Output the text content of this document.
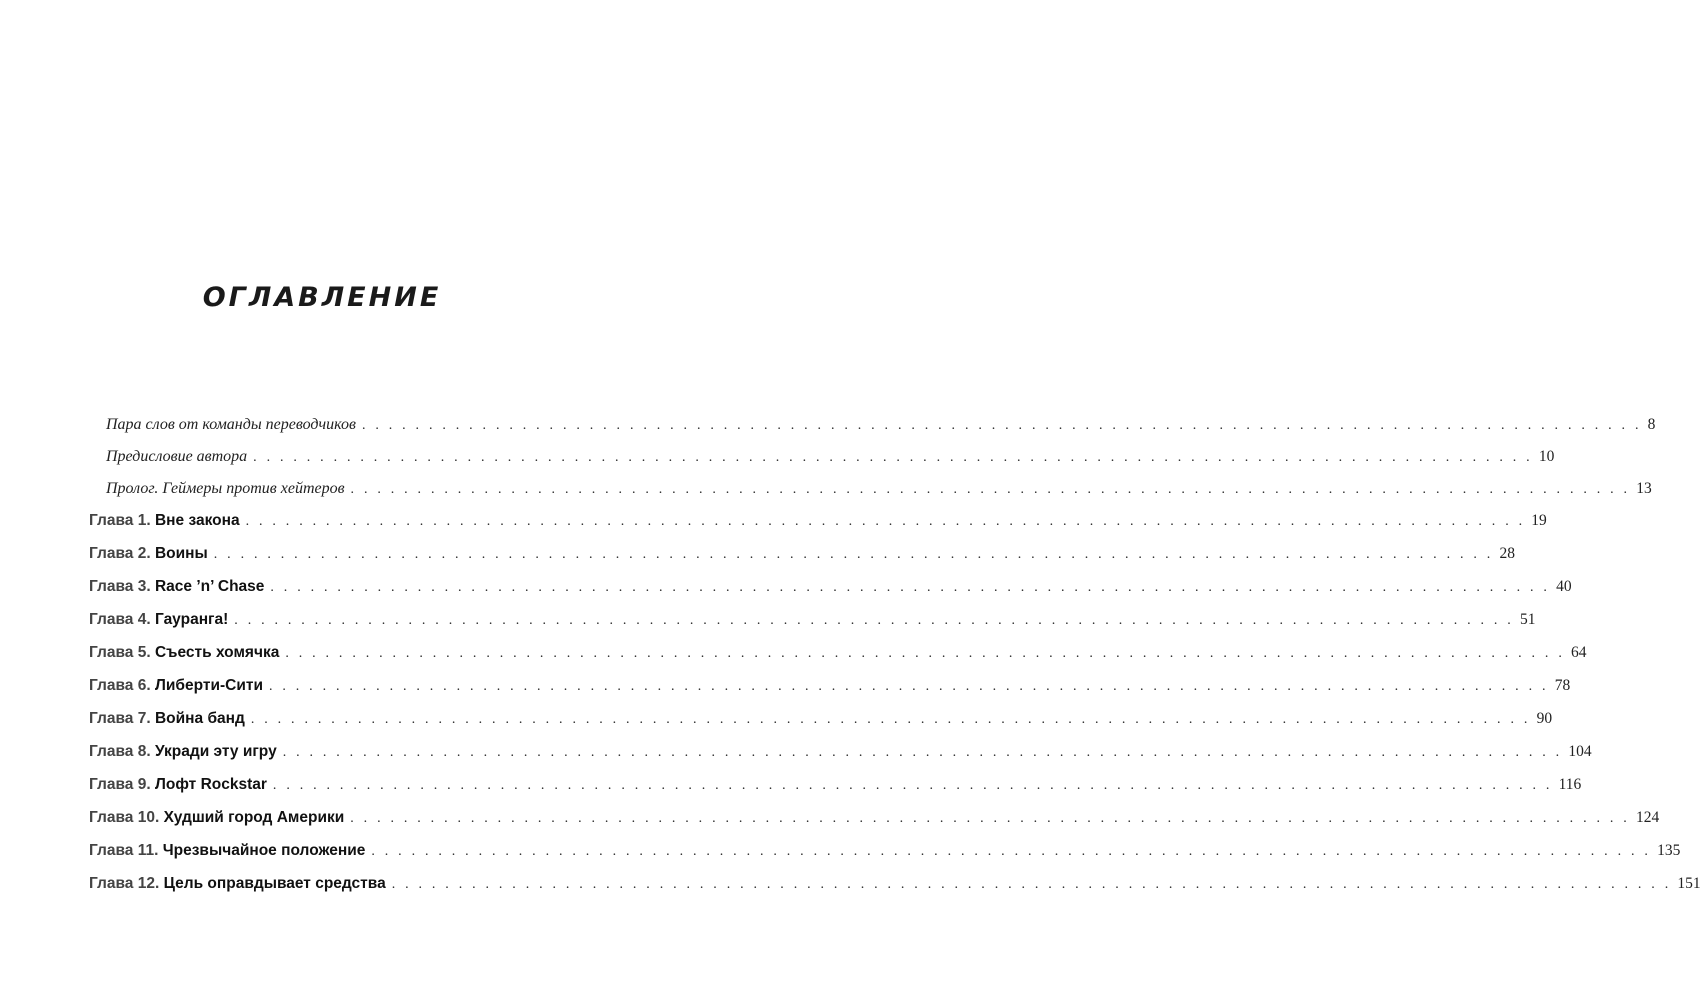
ОГЛАВЛЕНИЕ
Пара слов от команды переводчиков . . . . . . . . . . . . . . . . . . . . . . . . . . . . . . . . . . . . . . . . . . . . . . . . . . . . . . . . . . . . . . . . . . . . . . . . . . . . . . . . . . . . . . . . . . . . . . . . 8
Предисловие автора . . . . . . . . . . . . . . . . . . . . . . . . . . . . . . . . . . . . . . . . . . . . . . . . . . . . . . . . . . . . . . . . . . . . . . . . . . . . . . . . . . . . . . . . . . . . . . . . 10
Пролог. Геймеры против хейтеров . . . . . . . . . . . . . . . . . . . . . . . . . . . . . . . . . . . . . . . . . . . . . . . . . . . . . . . . . . . . . . . . . . . . . . . . . . . . . . . . . . . . . . . . . . . . . . . . 13
Глава 1 . Вне закона . . . . . . . . . . . . . . . . . . . . . . . . . . . . . . . . . . . . . . . . . . . . . . . . . . . . . . . . . . . . . . . . . . . . . . . . . . . . . . . . . . . . . . . . . . . . . . . . 19
Глава 2 . Воины . . . . . . . . . . . . . . . . . . . . . . . . . . . . . . . . . . . . . . . . . . . . . . . . . . . . . . . . . . . . . . . . . . . . . . . . . . . . . . . . . . . . . . . . . . . . . . . . 28
Глава 3 . Race ’n’ Chase . . . . . . . . . . . . . . . . . . . . . . . . . . . . . . . . . . . . . . . . . . . . . . . . . . . . . . . . . . . . . . . . . . . . . . . . . . . . . . . . . . . . . . . . . . . . . . . . 40
Глава 4 . Гауранга! . . . . . . . . . . . . . . . . . . . . . . . . . . . . . . . . . . . . . . . . . . . . . . . . . . . . . . . . . . . . . . . . . . . . . . . . . . . . . . . . . . . . . . . . . . . . . . . . 51
Глава 5 . Съесть хомячка . . . . . . . . . . . . . . . . . . . . . . . . . . . . . . . . . . . . . . . . . . . . . . . . . . . . . . . . . . . . . . . . . . . . . . . . . . . . . . . . . . . . . . . . . . . . . . . . 64
Глава 6 . Либерти-Сити . . . . . . . . . . . . . . . . . . . . . . . . . . . . . . . . . . . . . . . . . . . . . . . . . . . . . . . . . . . . . . . . . . . . . . . . . . . . . . . . . . . . . . . . . . . . . . . . 78
Глава 7 . Война банд . . . . . . . . . . . . . . . . . . . . . . . . . . . . . . . . . . . . . . . . . . . . . . . . . . . . . . . . . . . . . . . . . . . . . . . . . . . . . . . . . . . . . . . . . . . . . . . . 90
Глава 8 . Укради эту игру . . . . . . . . . . . . . . . . . . . . . . . . . . . . . . . . . . . . . . . . . . . . . . . . . . . . . . . . . . . . . . . . . . . . . . . . . . . . . . . . . . . . . . . . . . . . . . . . 104
Глава 9 . Лофт Rockstar . . . . . . . . . . . . . . . . . . . . . . . . . . . . . . . . . . . . . . . . . . . . . . . . . . . . . . . . . . . . . . . . . . . . . . . . . . . . . . . . . . . . . . . . . . . . . . . . 116
Глава 10 . Худший город Америки . . . . . . . . . . . . . . . . . . . . . . . . . . . . . . . . . . . . . . . . . . . . . . . . . . . . . . . . . . . . . . . . . . . . . . . . . . . . . . . . . . . . . . . . . . . . . . . . 124
Глава 11 . Чрезвычайное положение . . . . . . . . . . . . . . . . . . . . . . . . . . . . . . . . . . . . . . . . . . . . . . . . . . . . . . . . . . . . . . . . . . . . . . . . . . . . . . . . . . . . . . . . . . . . . . . . 135
Глава 12 . Цель оправдывает средства . . . . . . . . . . . . . . . . . . . . . . . . . . . . . . . . . . . . . . . . . . . . . . . . . . . . . . . . . . . . . . . . . . . . . . . . . . . . . . . . . . . . . . . . . . . . . . . . 151
